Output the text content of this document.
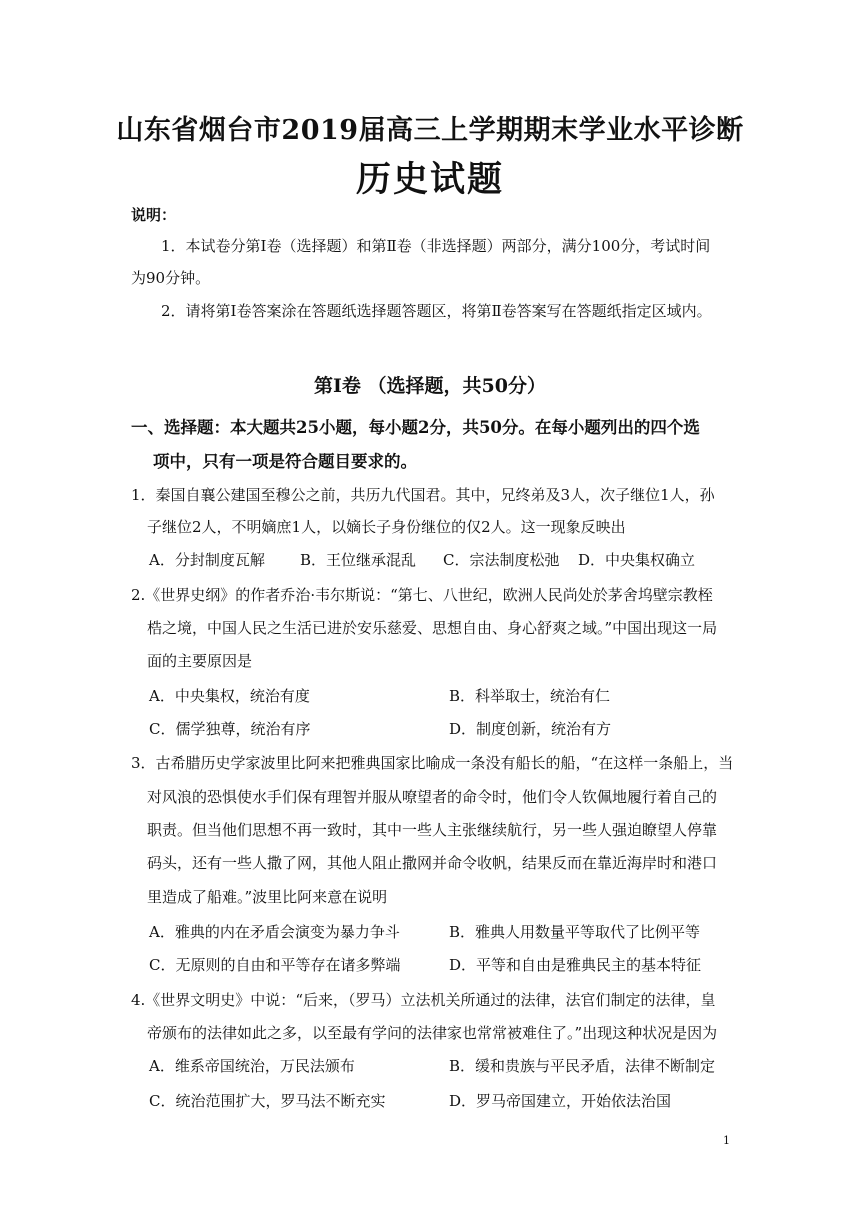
山东省烟台市2019届高三上学期期末学业水平诊断
历史试题
说明：
1．本试卷分第Ⅰ卷（选择题）和第Ⅱ卷（非选择题）两部分，满分100分，考试时间
为90分钟。
2．请将第Ⅰ卷答案涂在答题纸选择题答题区，将第Ⅱ卷答案写在答题纸指定区域内。
第Ⅰ卷 （选择题，共50分）
一、选择题：本大题共25小题，每小题2分，共50分。在每小题列出的四个选
项中，只有一项是符合题目要求的。
1．秦国自襄公建国至穆公之前，共历九代国君。其中，兄终弟及3人，次子继位1人，孙
子继位2人，不明嫡庶1人，以嫡长子身份继位的仅2人。这一现象反映出
A．分封制度瓦解 B．王位继承混乱 C．宗法制度松弛 D．中央集权确立
2.《世界史纲》的作者乔治·韦尔斯说：“第七、八世纪，欧洲人民尚处於茅舍坞壁宗教桎
梏之境，中国人民之生活已进於安乐慈爱、思想自由、身心舒爽之域。”中国出现这一局
面的主要原因是
A．中央集权，统治有度	B．科举取士，统治有仁
C．儒学独尊，统治有序	D．制度创新，统治有方
3．古希腊历史学家波里比阿来把雅典国家比喻成一条没有船长的船，“在这样一条船上，当
对风浪的恐惧使水手们保有理智并服从嘹望者的命令时，他们令人钦佩地履行着自己的
职责。但当他们思想不再一致时，其中一些人主张继续航行，另一些人强迫瞭望人停靠
码头，还有一些人撒了网，其他人阻止撒网并命令收帆，结果反而在靠近海岸时和港口
里造成了船难。”波里比阿来意在说明
A．雅典的内在矛盾会演变为暴力争斗	B．雅典人用数量平等取代了比例平等
C．无原则的自由和平等存在诸多弊端	D．平等和自由是雅典民主的基本特征
4.《世界文明史》中说：“后来，（罗马）立法机关所通过的法律，法官们制定的法律，皇
帝颁布的法律如此之多，以至最有学问的法律家也常常被难住了。”出现这种状况是因为
A．维系帝国统治，万民法颁布	B．缓和贵族与平民矛盾，法律不断制定
C．统治范围扩大，罗马法不断充实	D．罗马帝国建立，开始依法治国
1
